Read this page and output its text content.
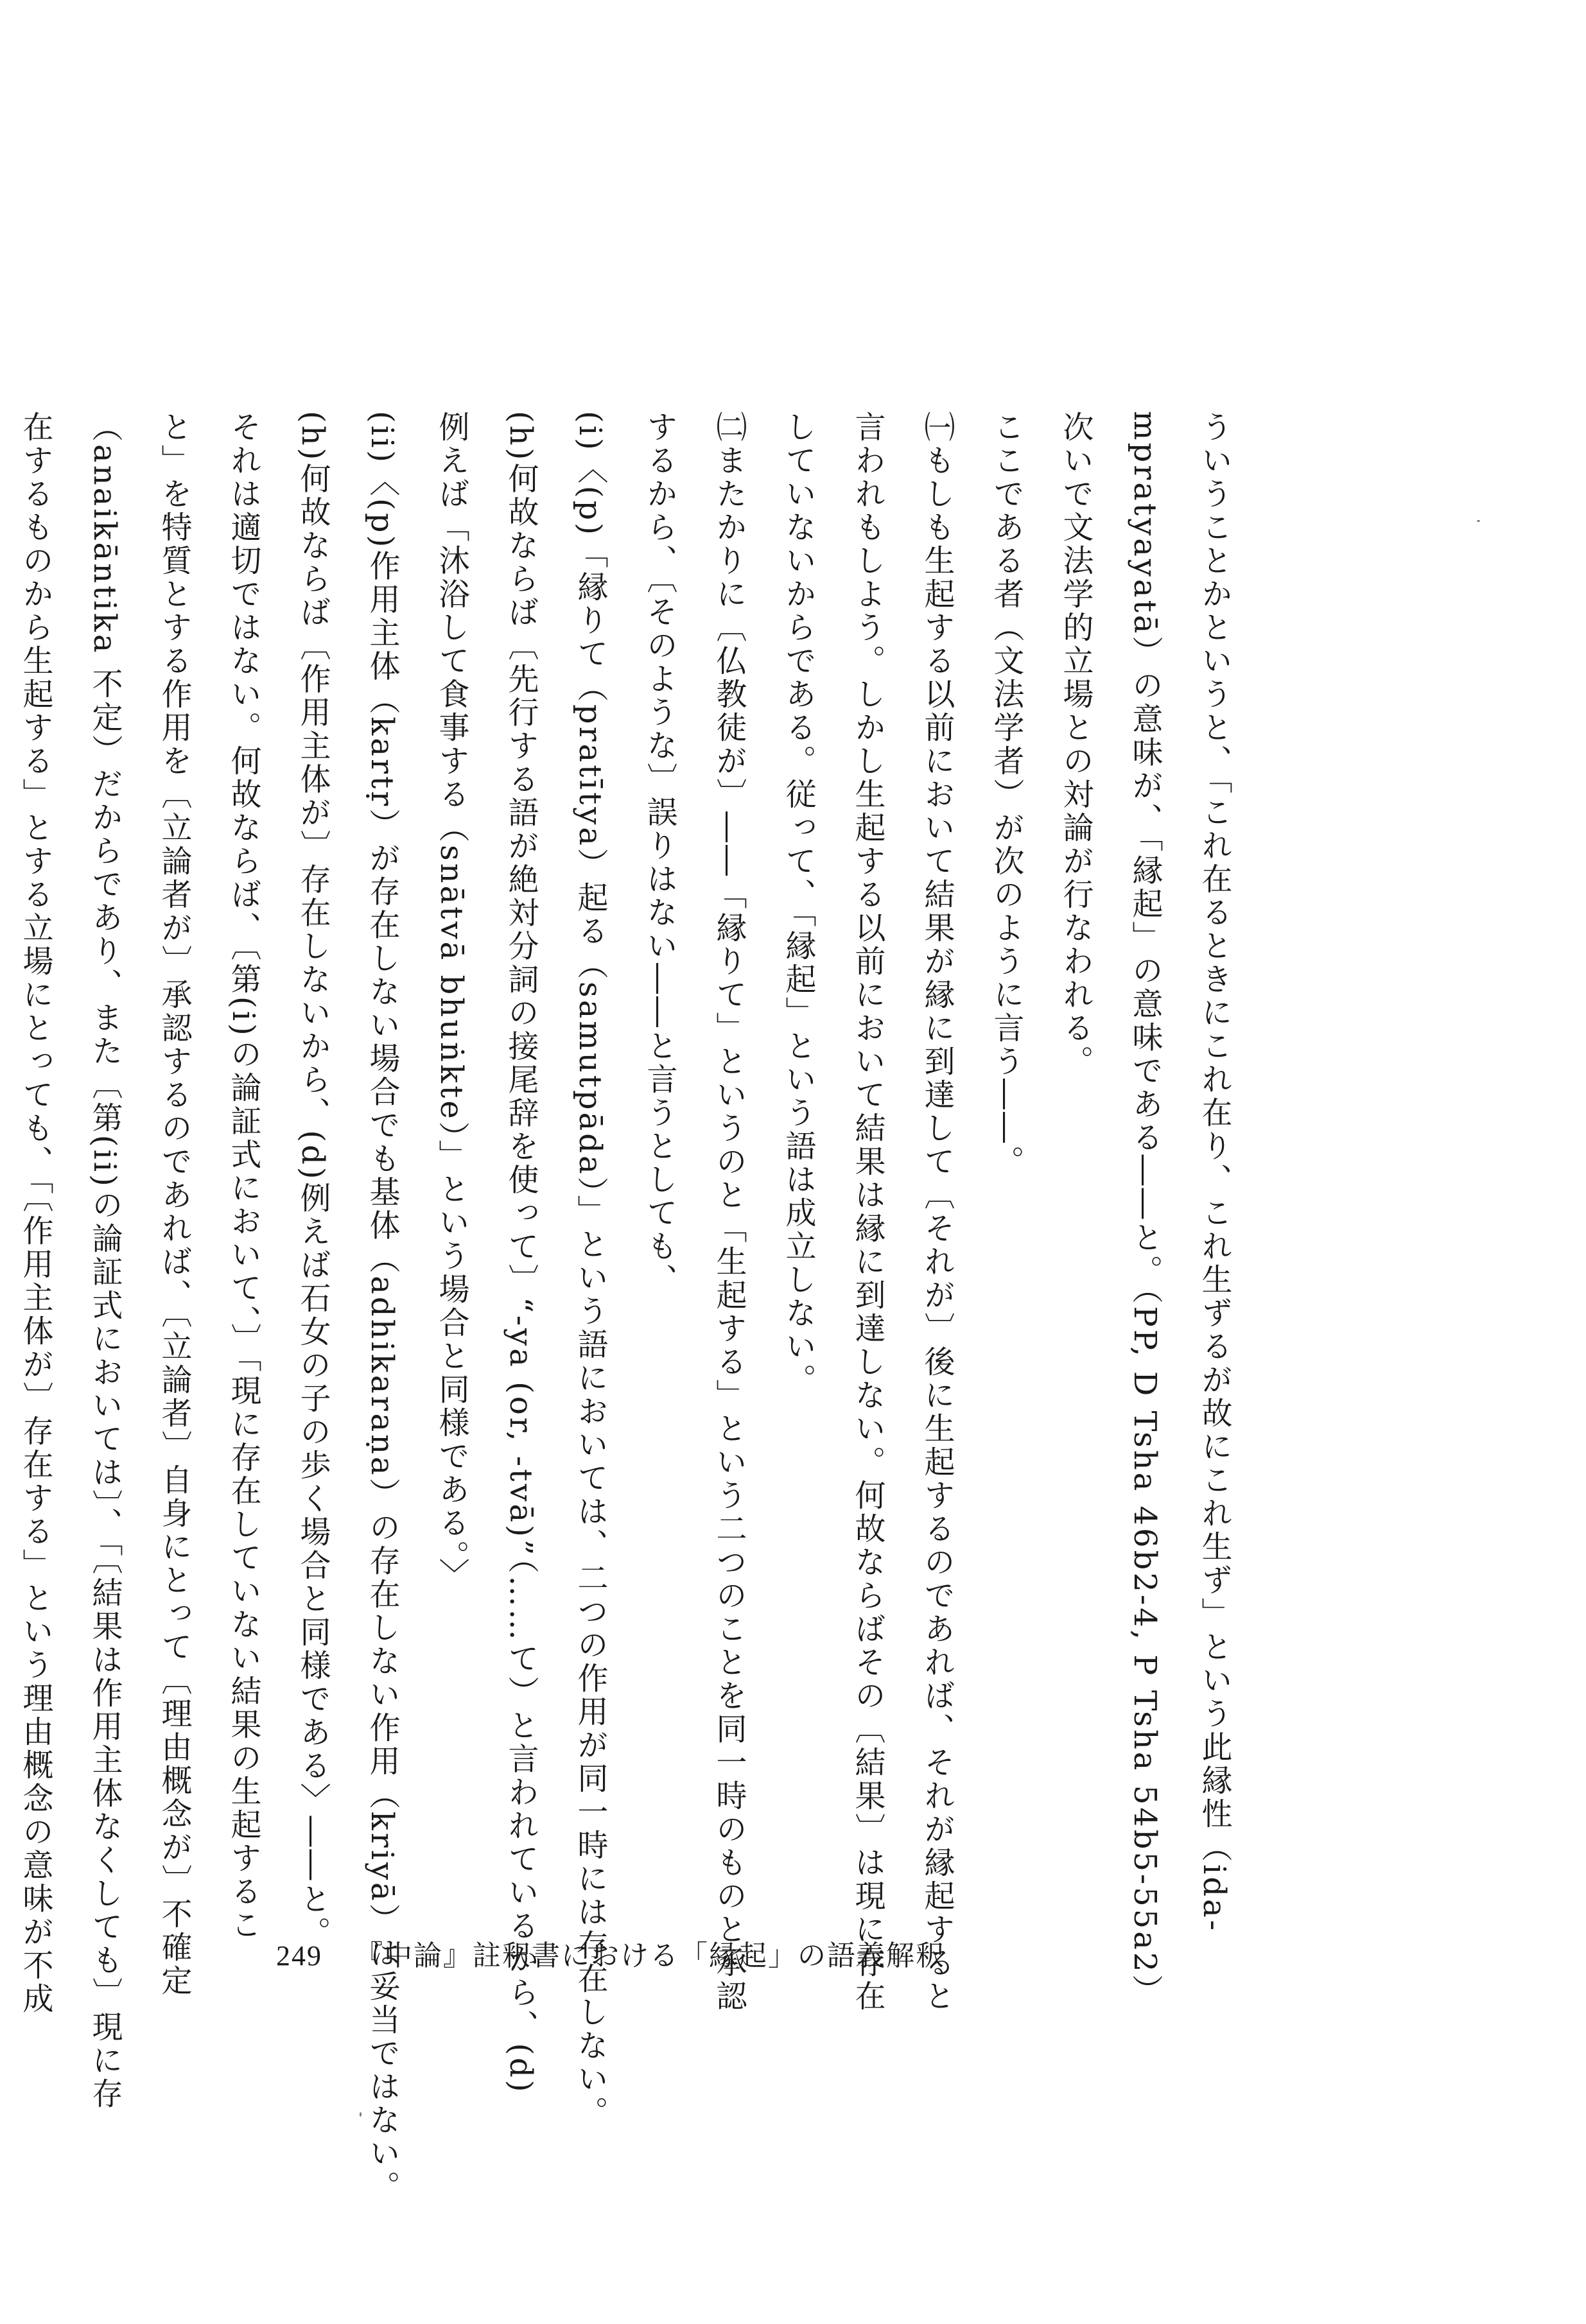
ういうことかというと、「これ在るときにこれ在り、これ生ずるが故にこれ生ず」という此縁性（ida-
mpratyayatā）の意味が、「縁起」の意味である――と。（PP, D Tsha 46b2-4, P Tsha 54b5-55a2）
次いで文法学的立場との対論が行なわれる。
ここである者（文法学者）が次のように言う――。
㈠もしも生起する以前において結果が縁に到達して〔それが〕後に生起するのであれば、それが縁起すると
言われもしよう。しかし生起する以前において結果は縁に到達しない。何故ならばその〔結果〕は現に存在
していないからである。従って、「縁起」という語は成立しない。
㈡またかりに〔仏教徒が〕――「縁りて」というのと「生起する」という二つのことを同一時のものと承認
するから、〔そのような〕誤りはない――と言うとしても、
(i)〈(p)「縁りて（pratītya）起る（samutpāda）」という語においては、二つの作用が同一時には存在しない。
(h)何故ならば〔先行する語が絶対分詞の接尾辞を使って〕“-ya (or, -tvā)”（……て）と言われているから、(d)
例えば「沐浴して食事する（snātvā bhuṅkte）」という場合と同様である。〉
(ii)〈(p)作用主体（kartṛ）が存在しない場合でも基体（adhikaraṇa）の存在しない作用（kriyā）は妥当ではない。
(h)何故ならば〔作用主体が〕存在しないから、(d)例えば石女の子の歩く場合と同様である〉――と。
それは適切ではない。何故ならば、〔第(i)の論証式において、〕「現に存在していない結果の生起するこ
と」を特質とする作用を〔立論者が〕承認するのであれば、〔立論者〕自身にとって〔理由概念が〕不確定
（anaikāntika 不定）だからであり、また〔第(ii)の論証式においては〕、「〔結果は作用主体なくしても〕現に存
在するものから生起する」とする立場にとっても、「〔作用主体が〕存在する」という理由概念の意味が不成	249 『中論』註釈書における「縁起」の語義解釈
